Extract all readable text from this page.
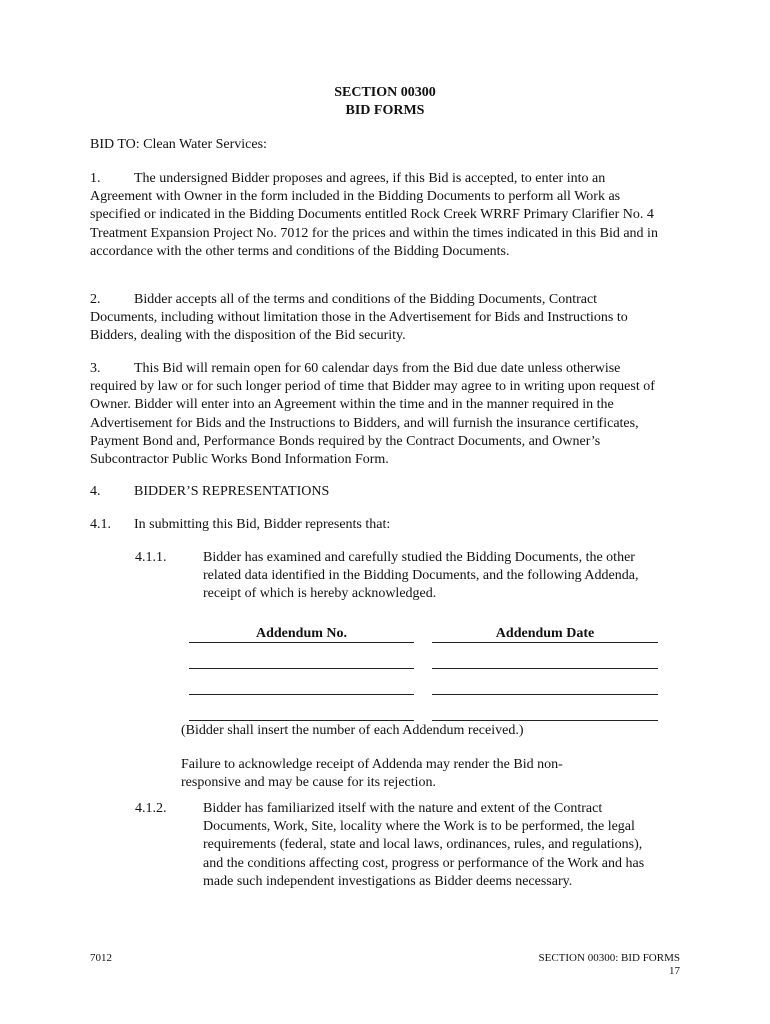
SECTION 00300
BID FORMS
BID TO: Clean Water Services:
1. The undersigned Bidder proposes and agrees, if this Bid is accepted, to enter into an Agreement with Owner in the form included in the Bidding Documents to perform all Work as specified or indicated in the Bidding Documents entitled Rock Creek WRRF Primary Clarifier No. 4 Treatment Expansion Project No. 7012 for the prices and within the times indicated in this Bid and in accordance with the other terms and conditions of the Bidding Documents.
2. Bidder accepts all of the terms and conditions of the Bidding Documents, Contract Documents, including without limitation those in the Advertisement for Bids and Instructions to Bidders, dealing with the disposition of the Bid security.
3. This Bid will remain open for 60 calendar days from the Bid due date unless otherwise required by law or for such longer period of time that Bidder may agree to in writing upon request of Owner. Bidder will enter into an Agreement within the time and in the manner required in the Advertisement for Bids and the Instructions to Bidders, and will furnish the insurance certificates, Payment Bond and, Performance Bonds required by the Contract Documents, and Owner’s Subcontractor Public Works Bond Information Form.
4. BIDDER’S REPRESENTATIONS
4.1. In submitting this Bid, Bidder represents that:
4.1.1.	Bidder has examined and carefully studied the Bidding Documents, the other related data identified in the Bidding Documents, and the following Addenda, receipt of which is hereby acknowledged.
Addendum No.	Addendum Date
(Bidder shall insert the number of each Addendum received.)
Failure to acknowledge receipt of Addenda may render the Bid non-responsive and may be cause for its rejection.
4.1.2.	Bidder has familiarized itself with the nature and extent of the Contract Documents, Work, Site, locality where the Work is to be performed, the legal requirements (federal, state and local laws, ordinances, rules, and regulations), and the conditions affecting cost, progress or performance of the Work and has made such independent investigations as Bidder deems necessary.
7012	SECTION 00300: BID FORMS
17
